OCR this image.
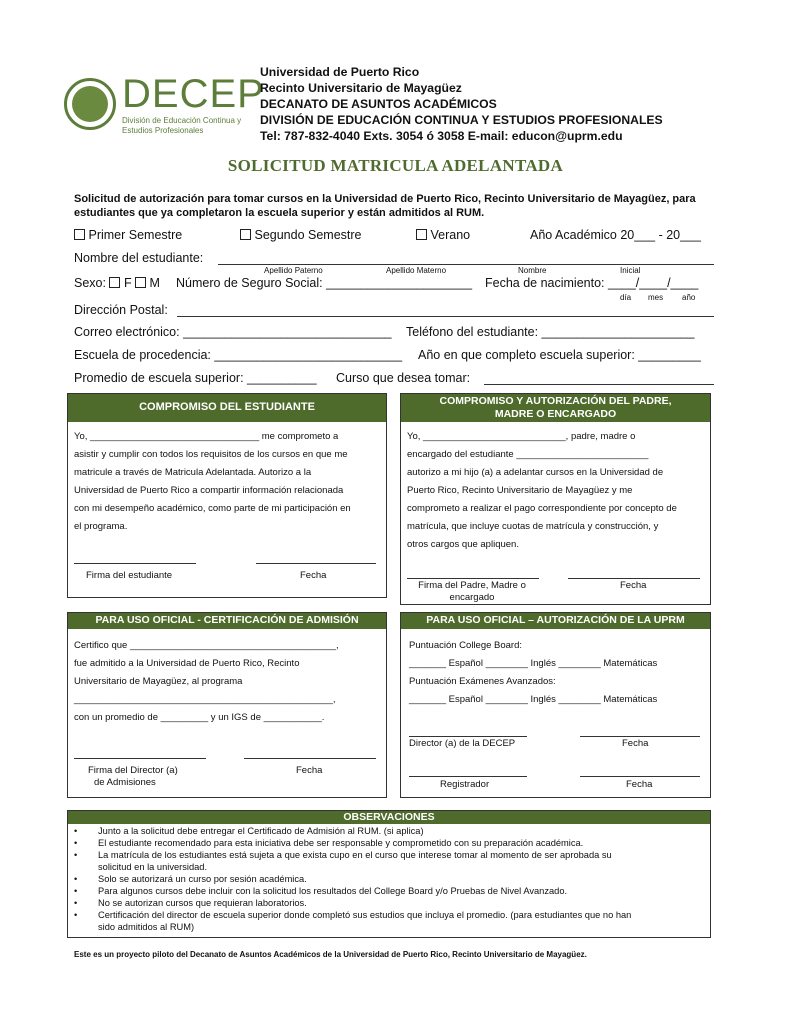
DECEP
División de Educación Continua y
Estudios Profesionales
Universidad de Puerto Rico
Recinto Universitario de Mayagüez
DECANATO DE ASUNTOS ACADÉMICOS
DIVISIÓN DE EDUCACIÓN CONTINUA Y ESTUDIOS PROFESIONALES
Tel: 787-832-4040 Exts. 3054 ó 3058 E-mail: educon@uprm.edu
SOLICITUD MATRICULA ADELANTADA
Solicitud de autorización para tomar cursos en la Universidad de Puerto Rico, Recinto Universitario de Mayagüez, para estudiantes que ya completaron la escuela superior y están admitidos al RUM.
Primer Semestre	Segundo Semestre	Verano	Año Académico 20___ - 20___
Nombre del estudiante:
Apellido Paterno	Apellido Materno	Nombre	Inicial
Sexo: F M Número de Seguro Social: _____________________ Fecha de nacimiento: ____/____/____
día mes año
Dirección Postal:
Correo electrónico: ______________________________ Teléfono del estudiante: ______________________
Escuela de procedencia: ___________________________ Año en que completo escuela superior: _________
Promedio de escuela superior: __________ Curso que desea tomar:
COMPROMISO DEL ESTUDIANTE
Yo, ________________________________ me comprometo a
asistir y cumplir con todos los requisitos de los cursos en que me
matricule a través de Matricula Adelantada. Autorizo a la
Universidad de Puerto Rico a compartir información relacionada
con mi desempeño académico, como parte de mi participación en
el programa.
Firma del estudiante	Fecha
COMPROMISO Y AUTORIZACIÓN DEL PADRE,
MADRE O ENCARGADO
Yo, ___________________________, padre, madre o
encargado del estudiante _________________________
autorizo a mi hijo (a) a adelantar cursos en la Universidad de
Puerto Rico, Recinto Universitario de Mayagüez y me
comprometo a realizar el pago correspondiente por concepto de
matrícula, que incluye cuotas de matrícula y construcción, y
otros cargos que apliquen.
Firma del Padre, Madre o
encargado
Fecha
PARA USO OFICIAL - CERTIFICACIÓN DE ADMISIÓN
Certifico que _______________________________________,
fue admitido a la Universidad de Puerto Rico, Recinto
Universitario de Mayagüez, al programa
_________________________________________________,
con un promedio de _________ y un IGS de ___________.
Firma del Director (a)
de Admisiones
Fecha
PARA USO OFICIAL – AUTORIZACIÓN DE LA UPRM
Puntuación College Board:
_______ Español ________ Inglés ________ Matemáticas
Puntuación Exámenes Avanzados:
_______ Español ________ Inglés ________ Matemáticas
Director (a) de la DECEP	Fecha
Registrador	Fecha
OBSERVACIONES
• Junto a la solicitud debe entregar el Certificado de Admisión al RUM. (si aplica)
• El estudiante recomendado para esta iniciativa debe ser responsable y comprometido con su preparación académica.
• La matrícula de los estudiantes está sujeta a que exista cupo en el curso que interese tomar al momento de ser aprobada su

solicitud en la universidad.
• Solo se autorizará un curso por sesión académica.
• Para algunos cursos debe incluir con la solicitud los resultados del College Board y/o Pruebas de Nivel Avanzado.
• No se autorizan cursos que requieran laboratorios.
• Certificación del director de escuela superior donde completó sus estudios que incluya el promedio. (para estudiantes que no han

sido admitidos al RUM)
Este es un proyecto piloto del Decanato de Asuntos Académicos de la Universidad de Puerto Rico, Recinto Universitario de Mayagüez.
